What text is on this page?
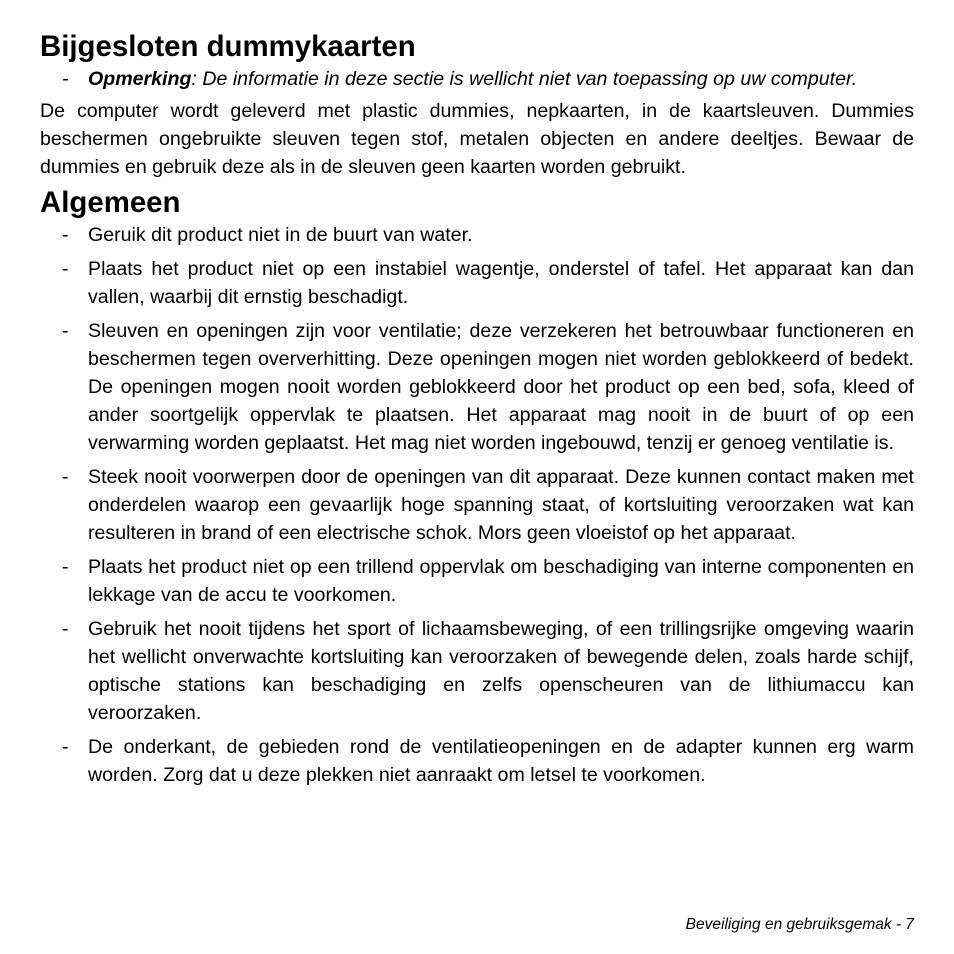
Bijgesloten dummykaarten
- Opmerking: De informatie in deze sectie is wellicht niet van toepassing op uw computer.

De computer wordt geleverd met plastic dummies, nepkaarten, in de kaartsleuven. Dummies beschermen ongebruikte sleuven tegen stof, metalen objecten en andere deeltjes. Bewaar de dummies en gebruik deze als in de sleuven geen kaarten worden gebruikt.

Algemeen
- Geruik dit product niet in de buurt van water.
- Plaats het product niet op een instabiel wagentje, onderstel of tafel. Het apparaat kan dan vallen, waarbij dit ernstig beschadigt.
- Sleuven en openingen zijn voor ventilatie; deze verzekeren het betrouwbaar functioneren en beschermen tegen oververhitting. Deze openingen mogen niet worden geblokkeerd of bedekt. De openingen mogen nooit worden geblokkeerd door het product op een bed, sofa, kleed of ander soortgelijk oppervlak te plaatsen. Het apparaat mag nooit in de buurt of op een verwarming worden geplaatst. Het mag niet worden ingebouwd, tenzij er genoeg ventilatie is.
- Steek nooit voorwerpen door de openingen van dit apparaat. Deze kunnen contact maken met onderdelen waarop een gevaarlijk hoge spanning staat, of kortsluiting veroorzaken wat kan resulteren in brand of een electrische schok. Mors geen vloeistof op het apparaat.
- Plaats het product niet op een trillend oppervlak om beschadiging van interne componenten en lekkage van de accu te voorkomen.
- Gebruik het nooit tijdens het sport of lichaamsbeweging, of een trillingsrijke omgeving waarin het wellicht onverwachte kortsluiting kan veroorzaken of bewegende delen, zoals harde schijf, optische stations kan beschadiging en zelfs openscheuren van de lithiumaccu kan veroorzaken.
- De onderkant, de gebieden rond de ventilatieopeningen en de adapter kunnen erg warm worden. Zorg dat u deze plekken niet aanraakt om letsel te voorkomen.
Beveiliging en gebruiksgemak - 7
